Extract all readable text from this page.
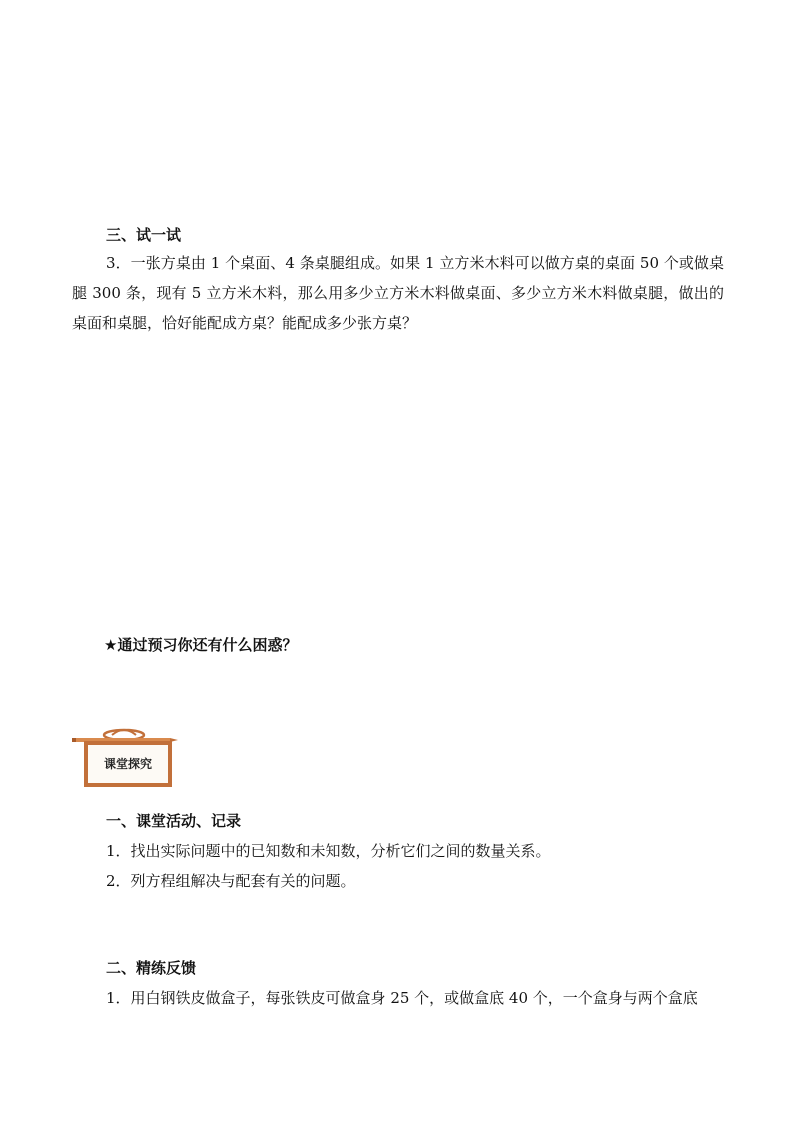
三、试一试
3．一张方桌由 1 个桌面、4 条桌腿组成。如果 1 立方米木料可以做方桌的桌面 50 个或做桌腿 300 条，现有 5 立方米木料，那么用多少立方米木料做桌面、多少立方米木料做桌腿，做出的桌面和桌腿，恰好能配成方桌？能配成多少张方桌？
★通过预习你还有什么困惑？
课堂探究
一、课堂活动、记录
1．找出实际问题中的已知数和未知数，分析它们之间的数量关系。
2．列方程组解决与配套有关的问题。
二、精练反馈
1．用白钢铁皮做盒子，每张铁皮可做盒身 25 个，或做盒底 40 个，一个盒身与两个盒底
